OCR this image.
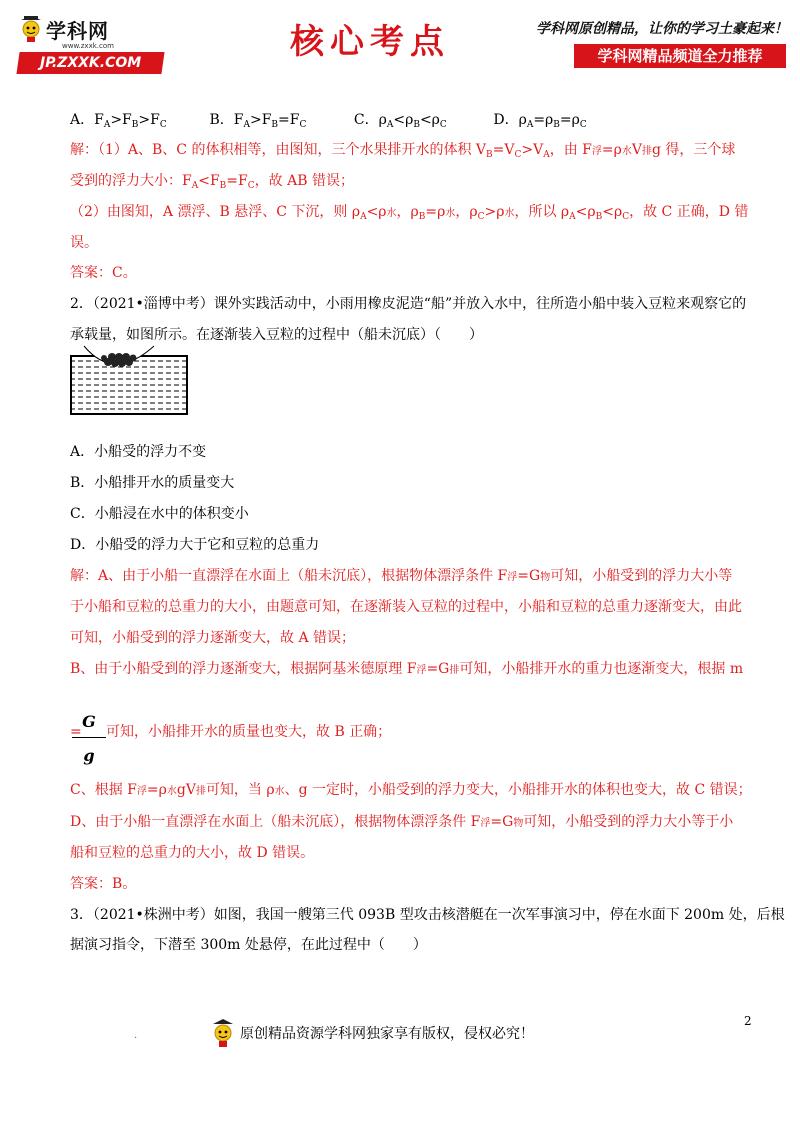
学科网
www.zxxk.com
JP.ZXXK.COM
核心考点	学科网原创精品，让你的学习土豪起来！
学科网精品频道全力推荐
A．$F_A>F_B>F_C$	B．$F_A>F_B=F_C$	C．$\rho_A<\rho_B<\rho_C$	D．$\rho_A=\rho_B=\rho_C$
解：（1）A、B、C 的体积相等，由图知，三个水果排开水的体积 $V_B=V_C>V_A$，由 F浮=ρ水V排g 得，三个球
受到的浮力大小：$F_A<F_B=F_C$，故 AB 错误；
（2）由图知，A 漂浮、B 悬浮、C 下沉，则 $\rho_A<\rho$水，$\rho_B=\rho$水，$\rho_C>\rho$水，所以 $\rho_A<\rho_B<\rho_C$，故 C 正确，D 错
误。
答案：C。
2．（2021•淄博中考）课外实践活动中，小雨用橡皮泥造“船”并放入水中，往所造小船中装入豆粒来观察它的
承载量，如图所示。在逐渐装入豆粒的过程中（船未沉底）（　　）
A．小船受的浮力不变
B．小船排开水的质量变大
C．小船浸在水中的体积变小
D．小船受的浮力大于它和豆粒的总重力
解：A、由于小船一直漂浮在水面上（船未沉底），根据物体漂浮条件 F浮=G物可知，小船受到的浮力大小等
于小船和豆粒的总重力的大小，由题意可知，在逐渐装入豆粒的过程中，小船和豆粒的总重力逐渐变大，由此
可知，小船受到的浮力逐渐变大，故 A 错误；
B、由于小船受到的浮力逐渐变大，根据阿基米德原理 F浮=G排可知，小船排开水的重力也逐渐变大，根据 m
G
g
= 可知，小船排开水的质量也变大，故 B 正确；
C、根据 F浮=ρ水gV排可知，当 ρ水、g 一定时，小船受到的浮力变大，小船排开水的体积也变大，故 C 错误；
D、由于小船一直漂浮在水面上（船未沉底），根据物体漂浮条件 F浮=G物可知，小船受到的浮力大小等于小
船和豆粒的总重力的大小，故 D 错误。
答案：B。
3．（2021•株洲中考）如图，我国一艘第三代 093B 型攻击核潜艇在一次军事演习中，停在水面下 200m 处，后根
据演习指令，下潜至 300m 处悬停，在此过程中（　　）
2
.	原创精品资源学科网独家享有版权，侵权必究！
